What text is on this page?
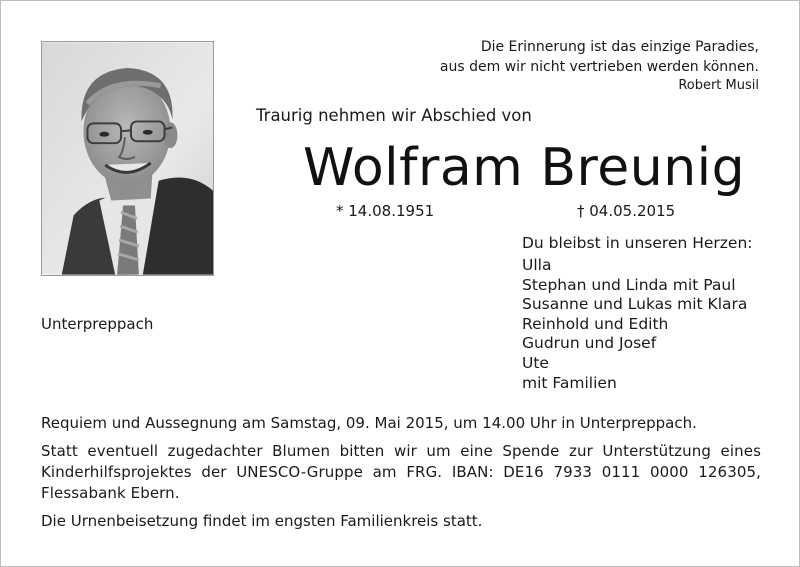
Die Erinnerung ist das einzige Paradies,
aus dem wir nicht vertrieben werden können.
Robert Musil
Traurig nehmen wir Abschied von
Wolfram Breunig
* 14.08.1951	† 04.05.2015
Unterpreppach
Du bleibst in unseren Herzen:
Ulla
Stephan und Linda mit Paul
Susanne und Lukas mit Klara
Reinhold und Edith
Gudrun und Josef
Ute
mit Familien

Requiem und Aussegnung am Samstag, 09. Mai 2015, um 14.00 Uhr in Unterpreppach.

Statt eventuell zugedachter Blumen bitten wir um eine Spende zur Unterstützung eines Kinderhilfsprojektes der UNESCO-Gruppe am FRG. IBAN: DE16 7933 0111 0000 126305, Flessabank Ebern.

Die Urnenbeisetzung findet im engsten Familienkreis statt.
